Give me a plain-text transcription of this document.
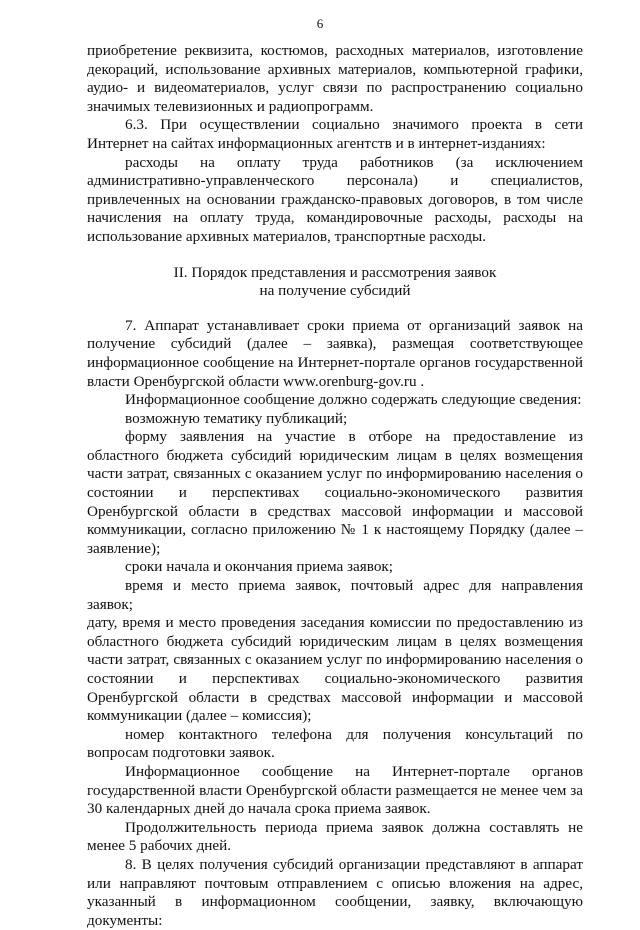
6

приобретение реквизита, костюмов, расходных материалов, изготовление декораций, использование архивных материалов, компьютерной графики, аудио- и видеоматериалов, услуг связи по распространению социально значимых телевизионных и радиопрограмм.

6.3. При осуществлении социально значимого проекта в сети Интернет на сайтах информационных агентств и в интернет-изданиях:

расходы на оплату труда работников (за исключением административно-управленческого персонала) и специалистов, привлеченных на основании гражданско-правовых договоров, в том числе начисления на оплату труда, командировочные расходы, расходы на использование архивных материалов, транспортные расходы.

II. Порядок представления и рассмотрения заявок
на получение субсидий

7. Аппарат устанавливает сроки приема от организаций заявок на получение субсидий (далее – заявка), размещая соответствующее информационное сообщение на Интернет-портале органов государственной власти Оренбургской области www.orenburg-gov.ru .

Информационное сообщение должно содержать следующие сведения:

возможную тематику публикаций;

форму заявления на участие в отборе на предоставление из областного бюджета субсидий юридическим лицам в целях возмещения части затрат, связанных с оказанием услуг по информированию населения о состоянии и перспективах социально-экономического развития Оренбургской области в средствах массовой информации и массовой коммуникации, согласно приложению № 1 к настоящему Порядку (далее – заявление);

сроки начала и окончания приема заявок;

время и место приема заявок, почтовый адрес для направления заявок;

дату, время и место проведения заседания комиссии по предоставлению из областного бюджета субсидий юридическим лицам в целях возмещения части затрат, связанных с оказанием услуг по информированию населения о состоянии и перспективах социально-экономического развития Оренбургской области в средствах массовой информации и массовой коммуникации (далее – комиссия);

номер контактного телефона для получения консультаций по вопросам подготовки заявок.

Информационное сообщение на Интернет-портале органов государственной власти Оренбургской области размещается не менее чем за 30 календарных дней до начала срока приема заявок.

Продолжительность периода приема заявок должна составлять не менее 5 рабочих дней.

8. В целях получения субсидий организации представляют в аппарат или направляют почтовым отправлением с описью вложения на адрес, указанный в информационном сообщении, заявку, включающую документы:
